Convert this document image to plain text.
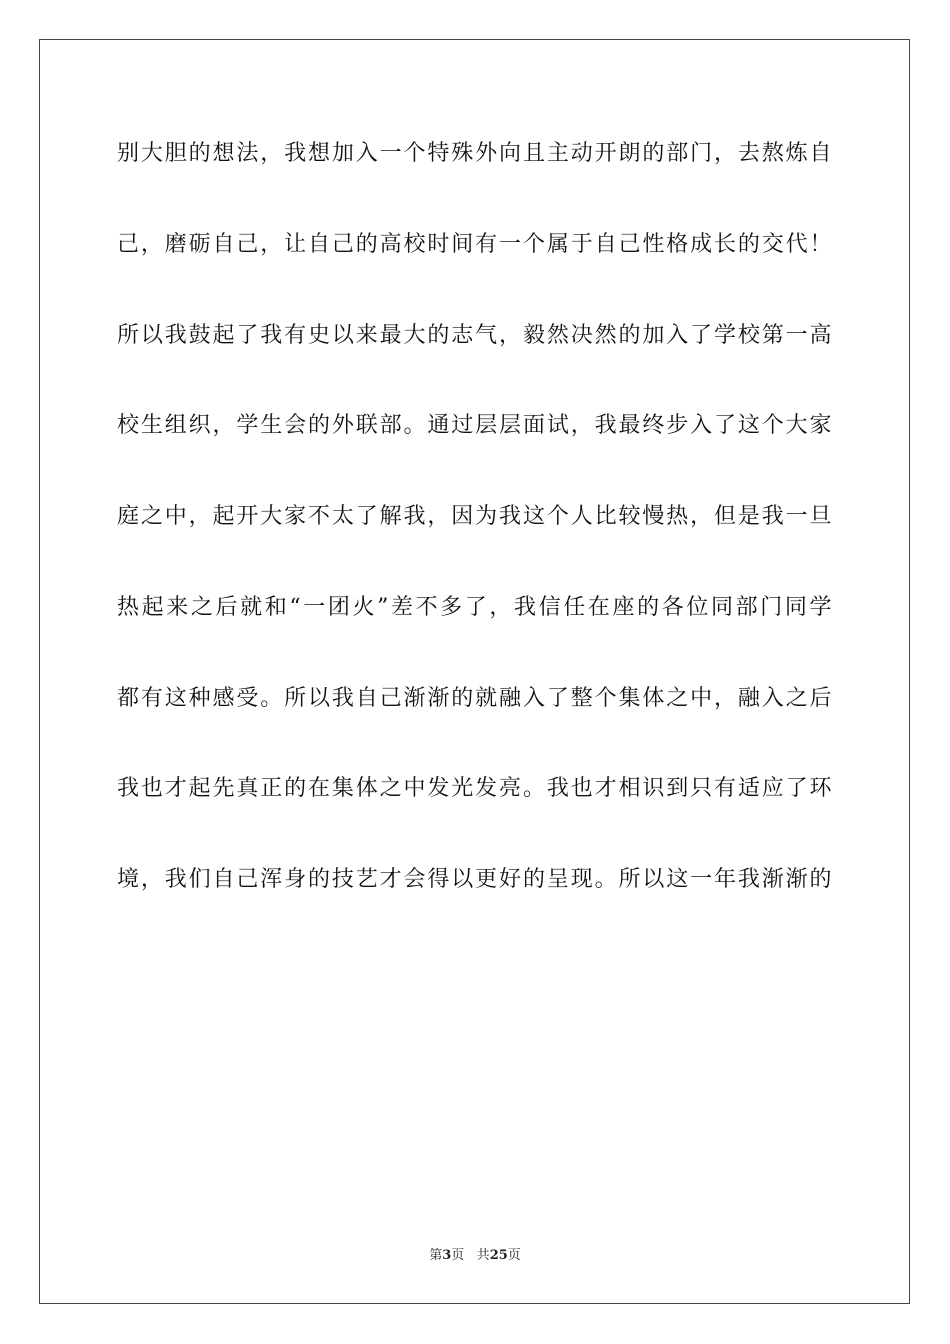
别大胆的想法，我想加入一个特殊外向且主动开朗的部门，去熬炼自
己，磨砺自己，让自己的高校时间有一个属于自己性格成长的交代！
所以我鼓起了我有史以来最大的志气，毅然决然的加入了学校第一高
校生组织，学生会的外联部。通过层层面试，我最终步入了这个大家
庭之中，起开大家不太了解我，因为我这个人比较慢热，但是我一旦
热起来之后就和“一团火”差不多了，我信任在座的各位同部门同学
都有这种感受。所以我自己渐渐的就融入了整个集体之中，融入之后
我也才起先真正的在集体之中发光发亮。我也才相识到只有适应了环
境，我们自己浑身的技艺才会得以更好的呈现。所以这一年我渐渐的
第3页 共25页
